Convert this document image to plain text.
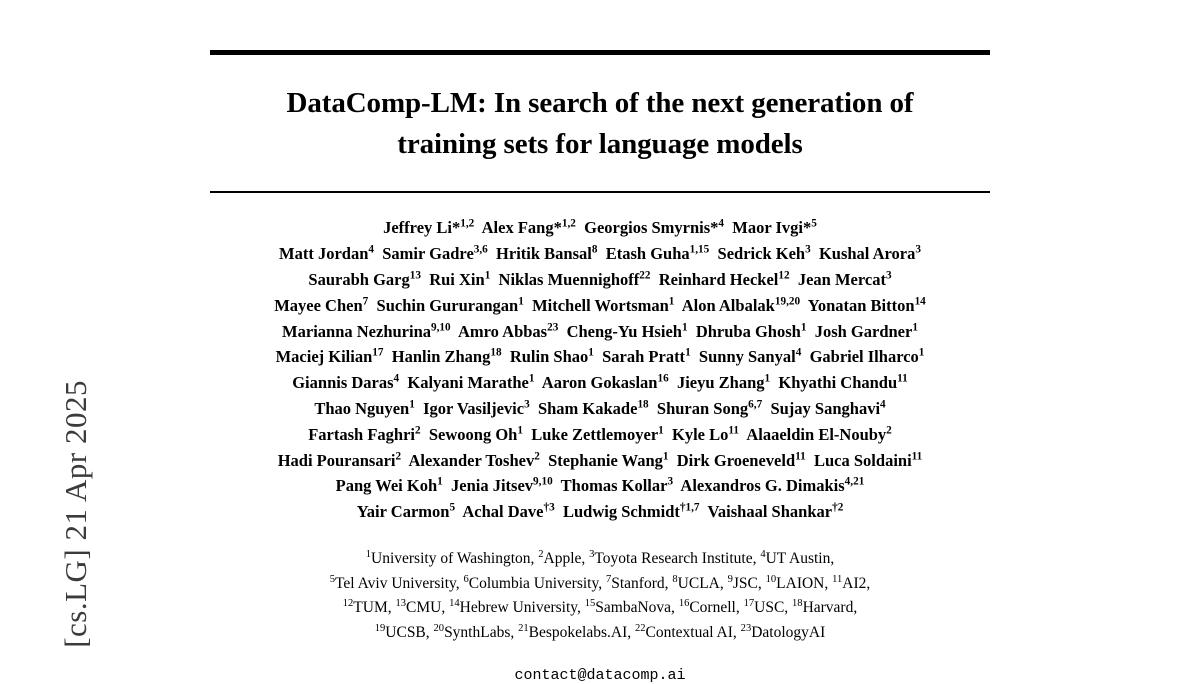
[cs.LG] 21 Apr 2025
DataComp-LM: In search of the next generation of
training sets for language models
Jeffrey Li*$^{1,2}$ Alex Fang*$^{1,2}$ Georgios Smyrnis*$^4$ Maor Ivgi*$^5$
Matt Jordan$^4$ Samir Gadre$^{3,6}$ Hritik Bansal$^8$ Etash Guha$^{1,15}$ Sedrick Keh$^3$ Kushal Arora$^3$
Saurabh Garg$^{13}$ Rui Xin$^1$ Niklas Muennighoff$^{22}$ Reinhard Heckel$^{12}$ Jean Mercat$^3$
Mayee Chen$^7$ Suchin Gururangan$^1$ Mitchell Wortsman$^1$ Alon Albalak$^{19,20}$ Yonatan Bitton$^{14}$
Marianna Nezhurina$^{9,10}$ Amro Abbas$^{23}$ Cheng-Yu Hsieh$^1$ Dhruba Ghosh$^1$ Josh Gardner$^1$
Maciej Kilian$^{17}$ Hanlin Zhang$^{18}$ Rulin Shao$^1$ Sarah Pratt$^1$ Sunny Sanyal$^4$ Gabriel Ilharco$^1$
Giannis Daras$^4$ Kalyani Marathe$^1$ Aaron Gokaslan$^{16}$ Jieyu Zhang$^1$ Khyathi Chandu$^{11}$
Thao Nguyen$^1$ Igor Vasiljevic$^3$ Sham Kakade$^{18}$ Shuran Song$^{6,7}$ Sujay Sanghavi$^4$
Fartash Faghri$^2$ Sewoong Oh$^1$ Luke Zettlemoyer$^1$ Kyle Lo$^{11}$ Alaaeldin El-Nouby$^2$
Hadi Pouransari$^2$ Alexander Toshev$^2$ Stephanie Wang$^1$ Dirk Groeneveld$^{11}$ Luca Soldaini$^{11}$
Pang Wei Koh$^1$ Jenia Jitsev$^{9,10}$ Thomas Kollar$^3$ Alexandros G. Dimakis$^{4,21}$
Yair Carmon$^5$ Achal Dave$^{\dagger 3}$ Ludwig Schmidt$^{\dagger 1,7}$ Vaishaal Shankar$^{\dagger 2}$
$^1$University of Washington, $^2$Apple, $^3$Toyota Research Institute, $^4$UT Austin,
$^5$Tel Aviv University, $^6$Columbia University, $^7$Stanford, $^8$UCLA, $^9$JSC, $^{10}$LAION, $^{11}$AI2,
$^{12}$TUM, $^{13}$CMU, $^{14}$Hebrew University, $^{15}$SambaNova, $^{16}$Cornell, $^{17}$USC, $^{18}$Harvard,
$^{19}$UCSB, $^{20}$SynthLabs, $^{21}$Bespokelabs.AI, $^{22}$Contextual AI, $^{23}$DatologyAI
contact@datacomp.ai
